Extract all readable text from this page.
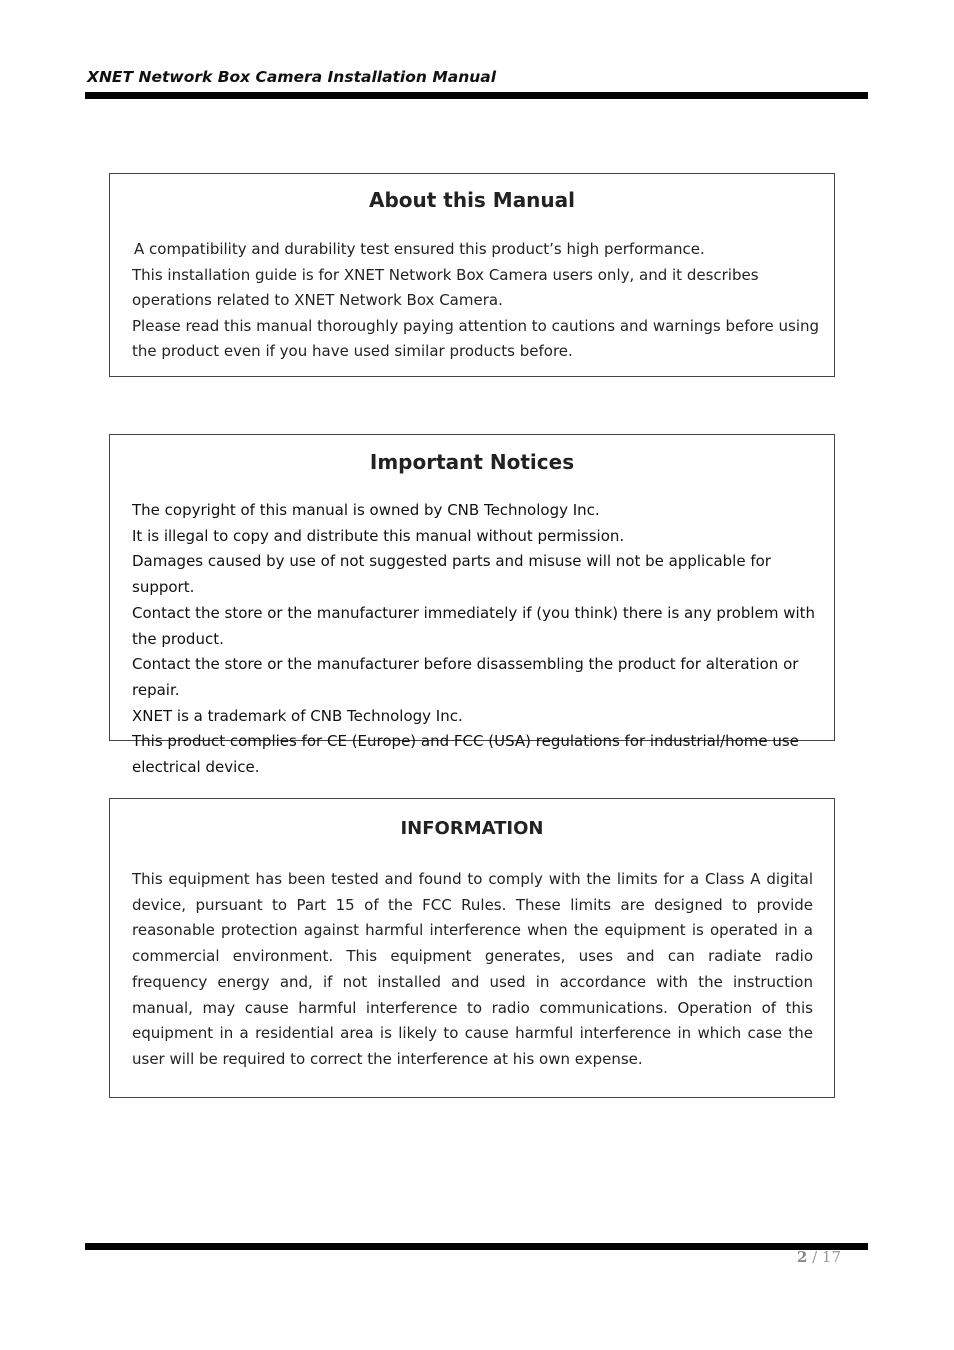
XNET Network Box Camera Installation Manual
About this Manual

A compatibility and durability test ensured this product’s high performance.

This installation guide is for XNET Network Box Camera users only, and it describes operations related to XNET Network Box Camera.

Please read this manual thoroughly paying attention to cautions and warnings before using the product even if you have used similar products before.

Important Notices

The copyright of this manual is owned by CNB Technology Inc.

It is illegal to copy and distribute this manual without permission.

Damages caused by use of not suggested parts and misuse will not be applicable for support.

Contact the store or the manufacturer immediately if (you think) there is any problem with the product.

Contact the store or the manufacturer before disassembling the product for alteration or repair.

XNET is a trademark of CNB Technology Inc.

This product complies for CE (Europe) and FCC (USA) regulations for industrial/home use electrical device.

INFORMATION

This equipment has been tested and found to comply with the limits for a Class A digital device, pursuant to Part 15 of the FCC Rules. These limits are designed to provide reasonable protection against harmful interference when the equipment is operated in a commercial environment. This equipment generates, uses and can radiate radio frequency energy and, if not installed and used in accordance with the instruction manual, may cause harmful interference to radio communications. Operation of this equipment in a residential area is likely to cause harmful interference in which case the user will be required to correct the interference at his own expense.

2 / 17
